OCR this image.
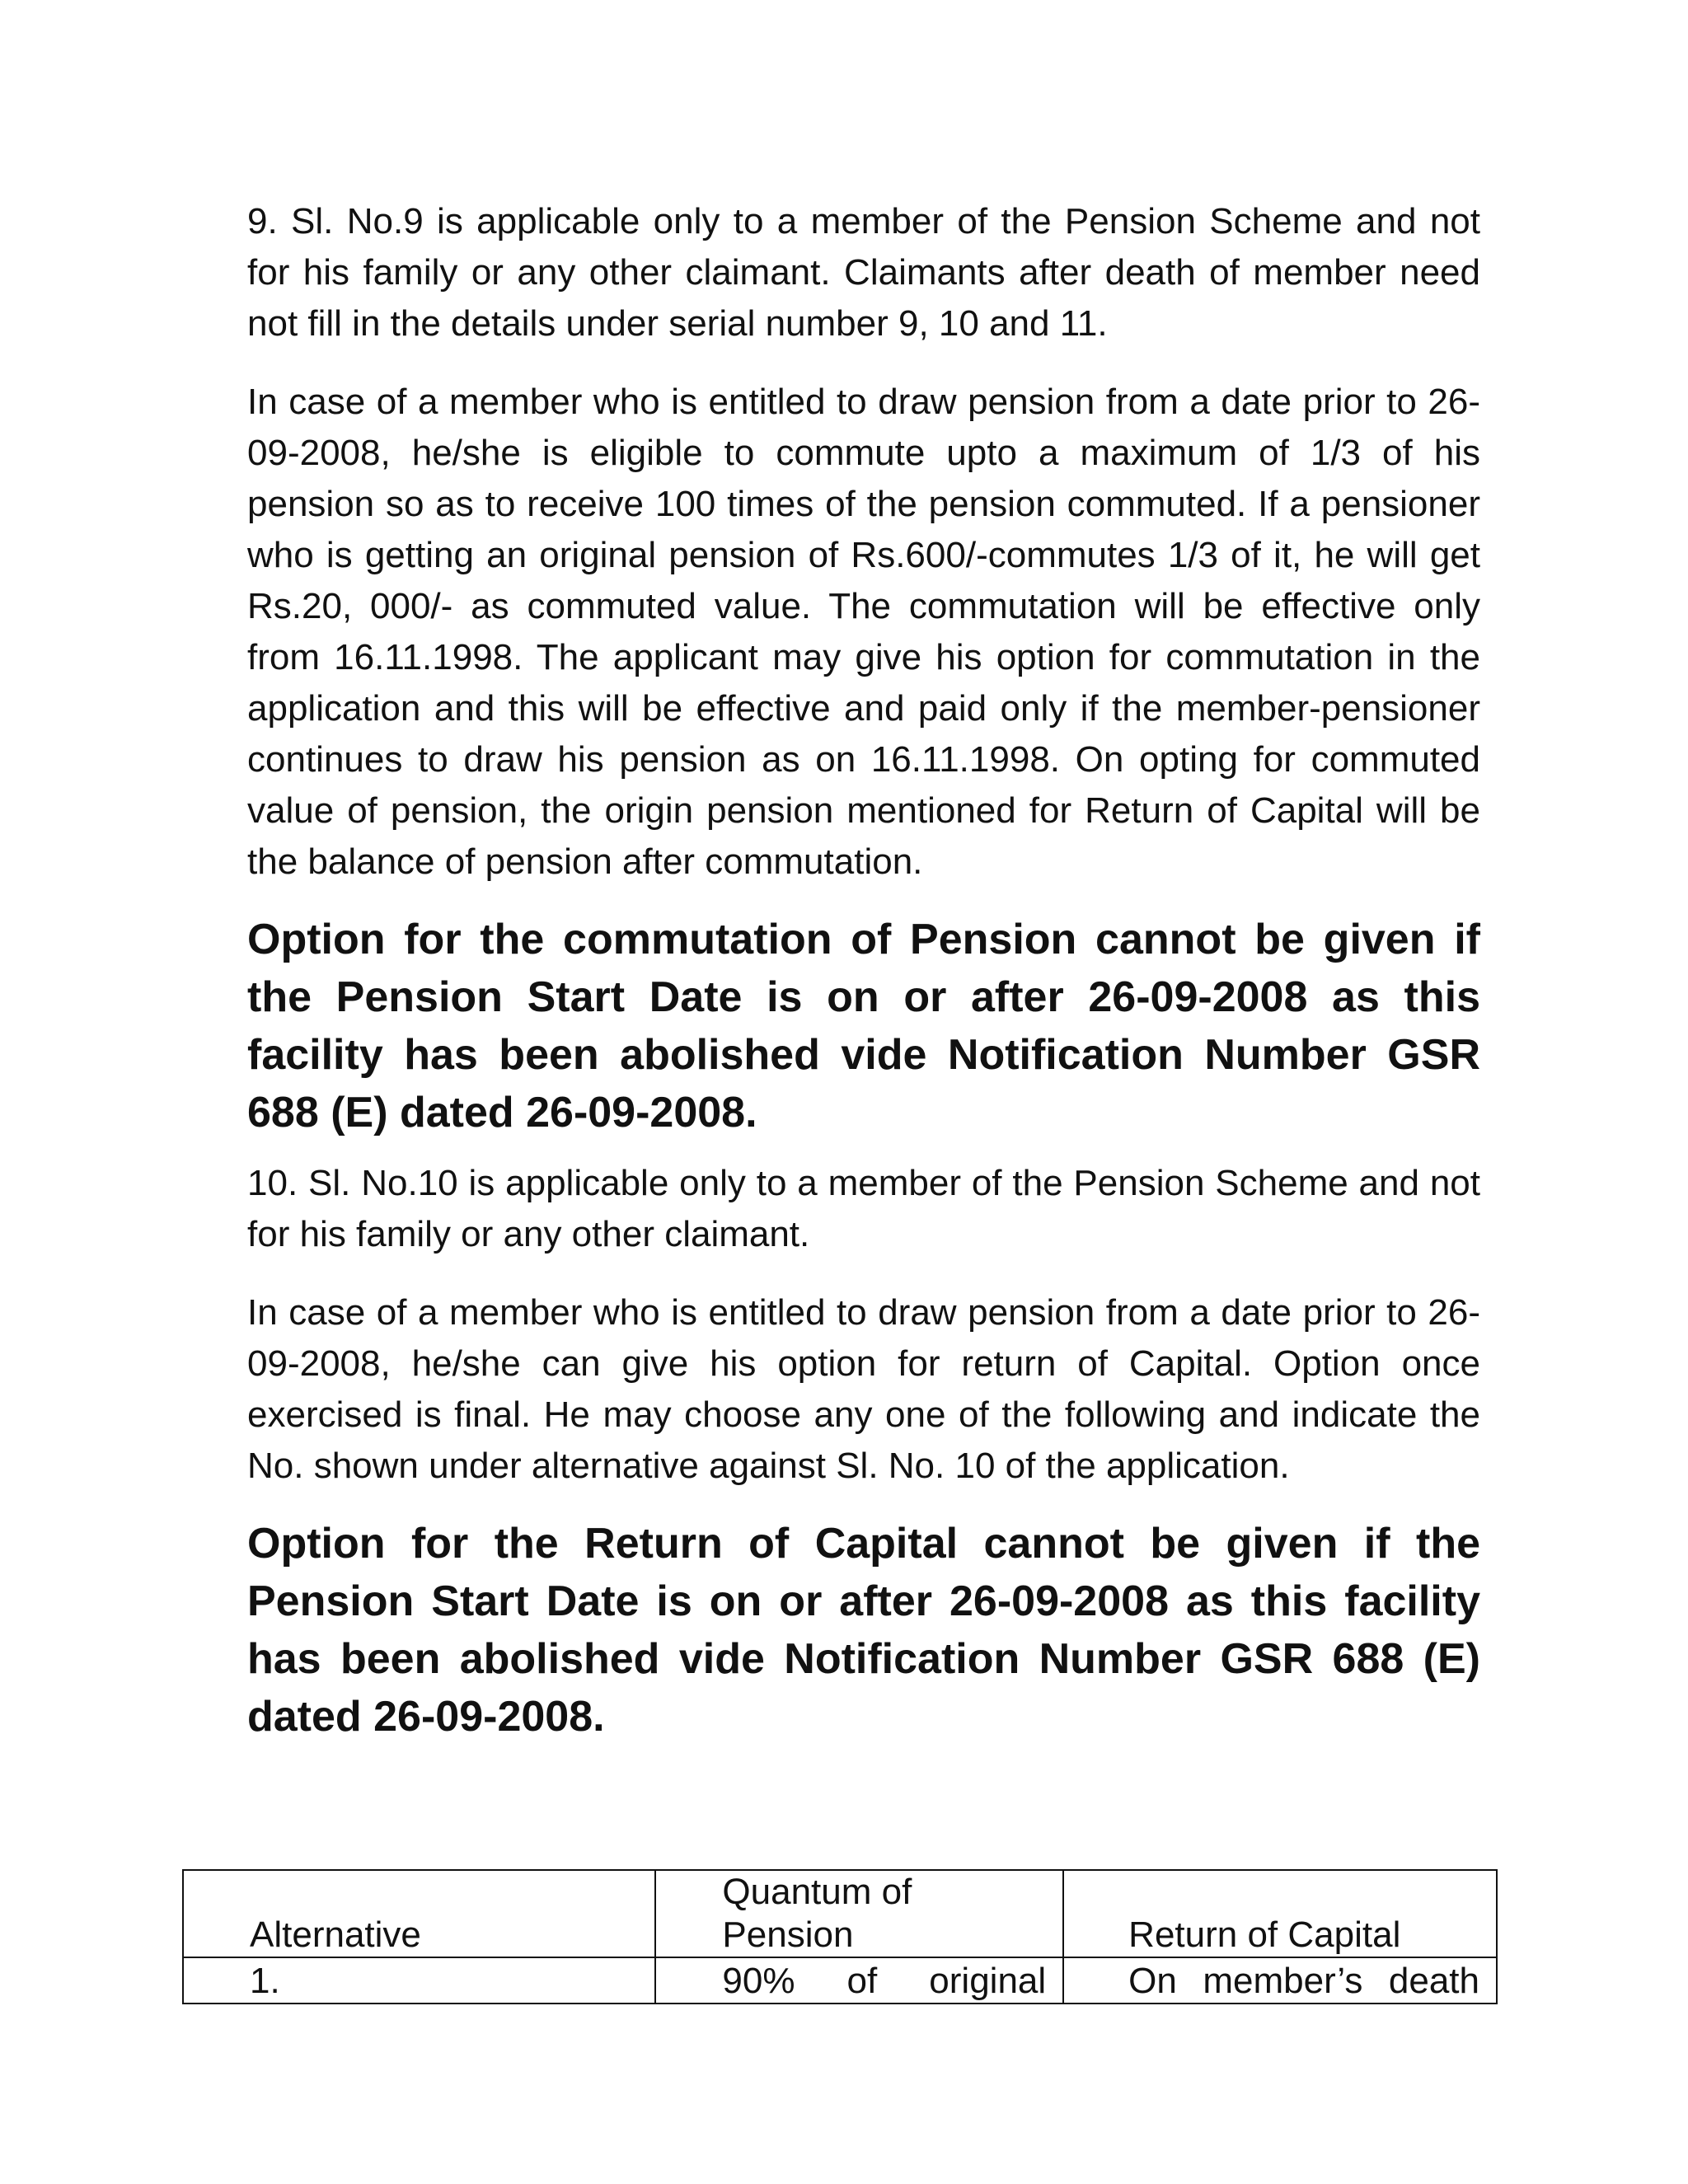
9. Sl. No.9 is applicable only to a member of the Pension Scheme and not for his family or any other claimant. Claimants after death of member need not fill in the details under serial number 9, 10 and 11.

In case of a member who is entitled to draw pension from a date prior to 26-09-2008, he/she is eligible to commute upto a maximum of 1/3 of his pension so as to receive 100 times of the pension commuted. If a pensioner who is getting an original pension of Rs.600/-commutes 1/3 of it, he will get Rs.20, 000/- as commuted value. The commutation will be effective only from 16.11.1998. The applicant may give his option for commutation in the application and this will be effective and paid only if the member-pensioner continues to draw his pension as on 16.11.1998. On opting for commuted value of pension, the origin pension mentioned for Return of Capital will be the balance of pension after commutation.

Option for the commutation of Pension cannot be given if the Pension Start Date is on or after 26-09-2008 as this facility has been abolished vide Notification Number GSR 688 (E) dated 26-09-2008.

10. Sl. No.10 is applicable only to a member of the Pension Scheme and not for his family or any other claimant.

In case of a member who is entitled to draw pension from a date prior to 26-09-2008, he/she can give his option for return of Capital. Option once exercised is final. He may choose any one of the following and indicate the No. shown under alternative against Sl. No. 10 of the application.

Option for the Return of Capital cannot be given if the Pension Start Date is on or after 26-09-2008 as this facility has been abolished vide Notification Number GSR 688 (E) dated 26-09-2008.

Alternative	Quantum of Pension	Return of Capital
1.	90% of original	On member’s death
